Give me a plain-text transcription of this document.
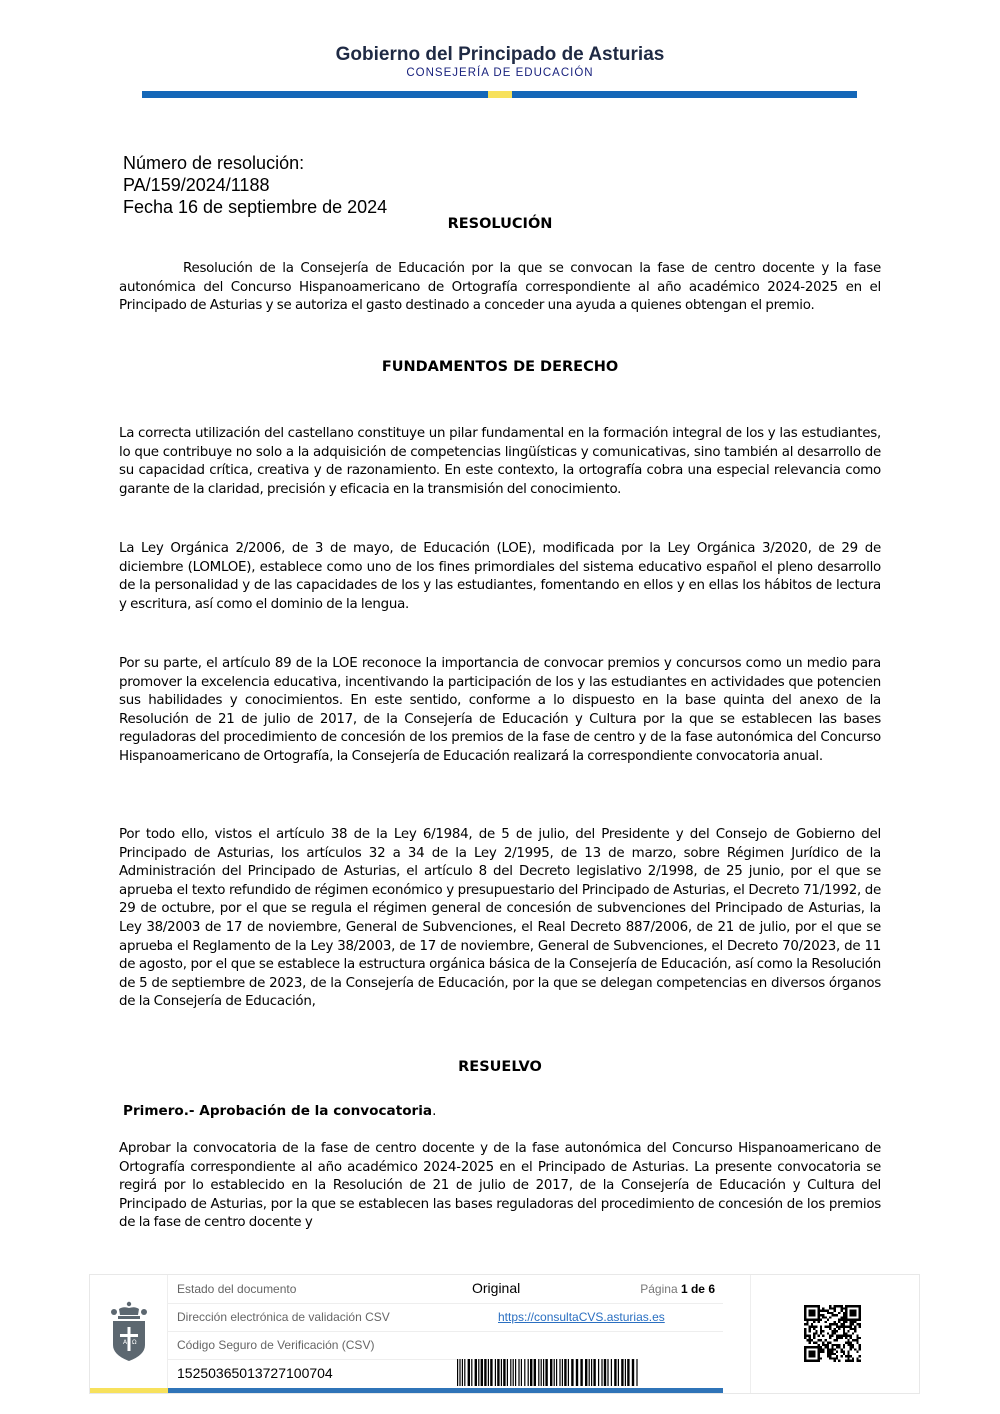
Gobierno del Principado de Asturias
CONSEJERÍA DE EDUCACIÓN
Número de resolución:
PA/159/2024/1188
Fecha 16 de septiembre de 2024
RESOLUCIÓN
Resolución de la Consejería de Educación por la que se convocan la fase de centro docente y la fase autonómica del Concurso Hispanoamericano de Ortografía correspondiente al año académico 2024-2025 en el Principado de Asturias y se autoriza el gasto destinado a conceder una ayuda a quienes obtengan el premio.
FUNDAMENTOS DE DERECHO
La correcta utilización del castellano constituye un pilar fundamental en la formación integral de los y las estudiantes, lo que contribuye no solo a la adquisición de competencias lingüísticas y comunicativas, sino también al desarrollo de su capacidad crítica, creativa y de razonamiento. En este contexto, la ortografía cobra una especial relevancia como garante de la claridad, precisión y eficacia en la transmisión del conocimiento.
La Ley Orgánica 2/2006, de 3 de mayo, de Educación (LOE), modificada por la Ley Orgánica 3/2020, de 29 de diciembre (LOMLOE), establece como uno de los fines primordiales del sistema educativo español el pleno desarrollo de la personalidad y de las capacidades de los y las estudiantes, fomentando en ellos y en ellas los hábitos de lectura y escritura, así como el dominio de la lengua.
Por su parte, el artículo 89 de la LOE reconoce la importancia de convocar premios y concursos como un medio para promover la excelencia educativa, incentivando la participación de los y las estudiantes en actividades que potencien sus habilidades y conocimientos. En este sentido, conforme a lo dispuesto en la base quinta del anexo de la Resolución de 21 de julio de 2017, de la Consejería de Educación y Cultura por la que se establecen las bases reguladoras del procedimiento de concesión de los premios de la fase de centro y de la fase autonómica del Concurso Hispanoamericano de Ortografía, la Consejería de Educación realizará la correspondiente convocatoria anual.
Por todo ello, vistos el artículo 38 de la Ley 6/1984, de 5 de julio, del Presidente y del Consejo de Gobierno del Principado de Asturias, los artículos 32 a 34 de la Ley 2/1995, de 13 de marzo, sobre Régimen Jurídico de la Administración del Principado de Asturias, el artículo 8 del Decreto legislativo 2/1998, de 25 junio, por el que se aprueba el texto refundido de régimen económico y presupuestario del Principado de Asturias, el Decreto 71/1992, de 29 de octubre, por el que se regula el régimen general de concesión de subvenciones del Principado de Asturias, la Ley 38/2003 de 17 de noviembre, General de Subvenciones, el Real Decreto 887/2006, de 21 de julio, por el que se aprueba el Reglamento de la Ley 38/2003, de 17 de noviembre, General de Subvenciones, el Decreto 70/2023, de 11 de agosto, por el que se establece la estructura orgánica básica de la Consejería de Educación, así como la Resolución de 5 de septiembre de 2023, de la Consejería de Educación, por la que se delegan competencias en diversos órganos de la Consejería de Educación,
RESUELVO
Primero.- Aprobación de la convocatoria.
Aprobar la convocatoria de la fase de centro docente y de la fase autonómica del Concurso Hispanoamericano de Ortografía correspondiente al año académico 2024-2025 en el Principado de Asturias. La presente convocatoria se regirá por lo establecido en la Resolución de 21 de julio de 2017, de la Consejería de Educación y Cultura del Principado de Asturias, por la que se establecen las bases reguladoras del procedimiento de concesión de los premios de la fase de centro docente y
A Ω
Estado del documento	Original	Página 1 de 6
Dirección electrónica de validación CSV	https://consultaCVS.asturias.es
Código Seguro de Verificación (CSV)
15250365013727100704
